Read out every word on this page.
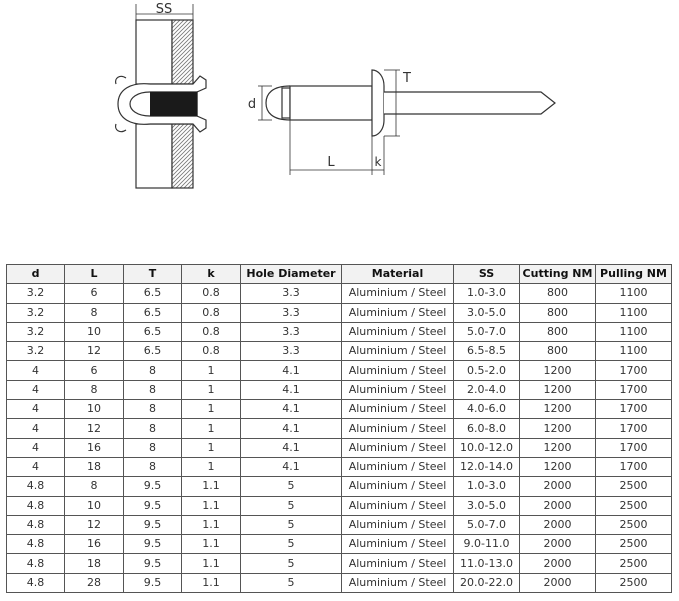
SS
T
d
L	k
d	L	T	k	Hole Diameter	Material	SS	Cutting NM	Pulling NM
3.2	6	6.5	0.8	3.3	Aluminium / Steel	1.0-3.0	800	1100
3.2	8	6.5	0.8	3.3	Aluminium / Steel	3.0-5.0	800	1100
3.2	10	6.5	0.8	3.3	Aluminium / Steel	5.0-7.0	800	1100
3.2	12	6.5	0.8	3.3	Aluminium / Steel	6.5-8.5	800	1100
4	6	8	1	4.1	Aluminium / Steel	0.5-2.0	1200	1700
4	8	8	1	4.1	Aluminium / Steel	2.0-4.0	1200	1700
4	10	8	1	4.1	Aluminium / Steel	4.0-6.0	1200	1700
4	12	8	1	4.1	Aluminium / Steel	6.0-8.0	1200	1700
4	16	8	1	4.1	Aluminium / Steel	10.0-12.0	1200	1700
4	18	8	1	4.1	Aluminium / Steel	12.0-14.0	1200	1700
4.8	8	9.5	1.1	5	Aluminium / Steel	1.0-3.0	2000	2500
4.8	10	9.5	1.1	5	Aluminium / Steel	3.0-5.0	2000	2500
4.8	12	9.5	1.1	5	Aluminium / Steel	5.0-7.0	2000	2500
4.8	16	9.5	1.1	5	Aluminium / Steel	9.0-11.0	2000	2500
4.8	18	9.5	1.1	5	Aluminium / Steel	11.0-13.0	2000	2500
4.8	28	9.5	1.1	5	Aluminium / Steel	20.0-22.0	2000	2500
